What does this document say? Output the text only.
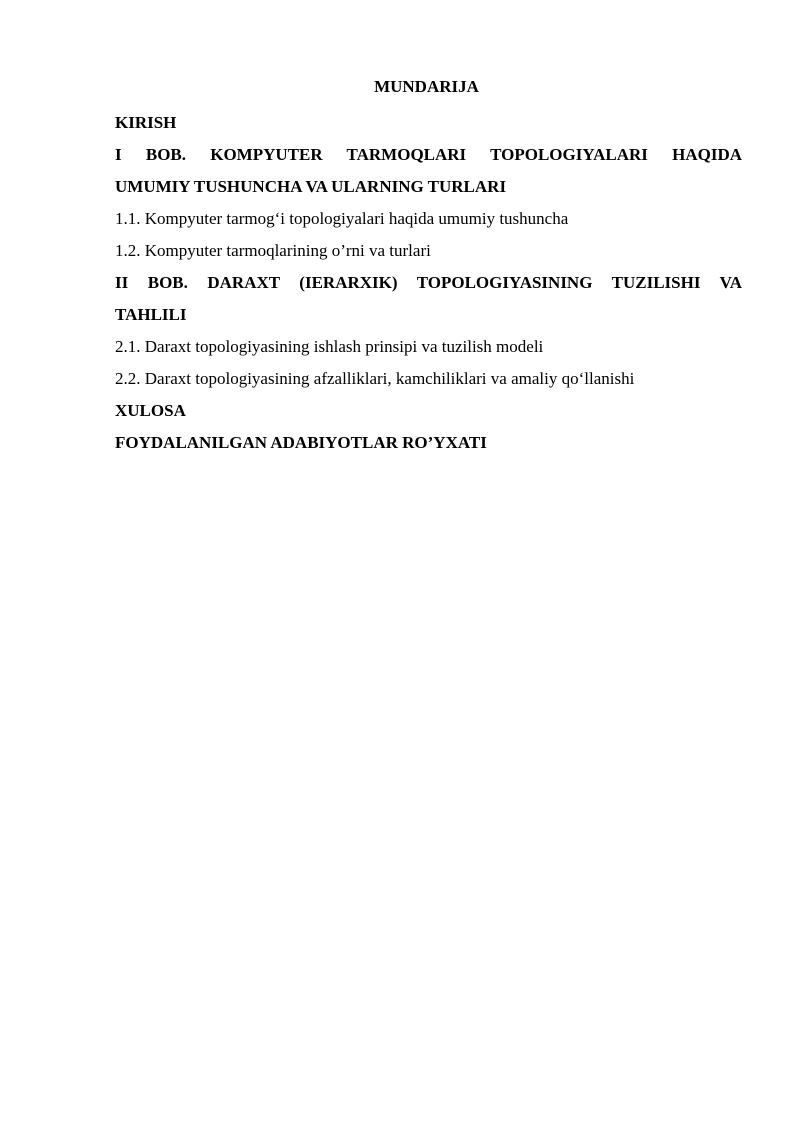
MUNDARIJA
KIRISH
I BOB. KOMPYUTER TARMOQLARI TOPOLOGIYALARI HAQIDA
UMUMIY TUSHUNCHA VA ULARNING TURLARI
1.1. Kompyuter tarmog‘i topologiyalari haqida umumiy tushuncha
1.2. Kompyuter tarmoqlarining o’rni va turlari
II BOB. DARAXT (IERARXIK) TOPOLOGIYASINING TUZILISHI VA
TAHLILI
2.1. Daraxt topologiyasining ishlash prinsipi va tuzilish modeli
2.2. Daraxt topologiyasining afzalliklari, kamchiliklari va amaliy qo‘llanishi
XULOSA
FOYDALANILGAN ADABIYOTLAR RO’YXATI
